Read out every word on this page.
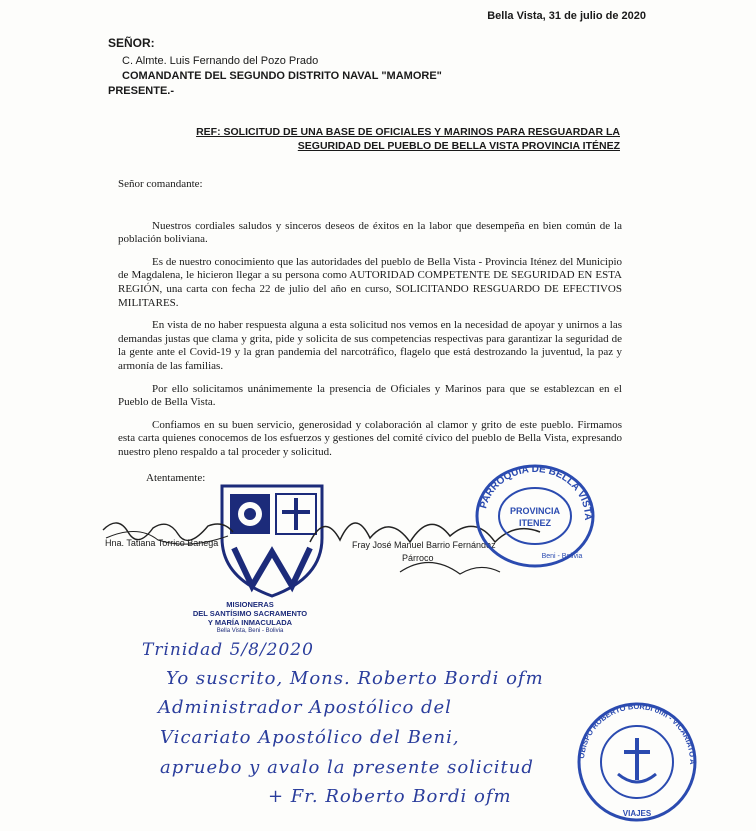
Bella Vista, 31 de julio de 2020
SEÑOR:
C. Almte. Luis Fernando del Pozo Prado
COMANDANTE DEL SEGUNDO DISTRITO NAVAL "MAMORE"
PRESENTE.-
REF: SOLICITUD DE UNA BASE DE OFICIALES Y MARINOS PARA RESGUARDAR LA
SEGURIDAD DEL PUEBLO DE BELLA VISTA PROVINCIA ITÉNEZ

Señor comandante:

Nuestros cordiales saludos y sinceros deseos de éxitos en la labor que desempeña en bien común de la población boliviana.

Es de nuestro conocimiento que las autoridades del pueblo de Bella Vista - Provincia Iténez del Municipio de Magdalena, le hicieron llegar a su persona como AUTORIDAD COMPETENTE DE SEGURIDAD EN ESTA REGIÓN, una carta con fecha 22 de julio del año en curso, SOLICITANDO RESGUARDO DE EFECTIVOS MILITARES.

En vista de no haber respuesta alguna a esta solicitud nos vemos en la necesidad de apoyar y unirnos a las demandas justas que clama y grita, pide y solicita de sus competencias respectivas para garantizar la seguridad de la gente ante el Covid-19 y la gran pandemia del narcotráfico, flagelo que está destrozando la juventud, la paz y armonía de las familias.

Por ello solicitamos unánimemente la presencia de Oficiales y Marinos para que se establezcan en el Pueblo de Bella Vista.

Confiamos en su buen servicio, generosidad y colaboración al clamor y grito de este pueblo. Firmamos esta carta quienes conocemos de los esfuerzos y gestiones del comité cívico del pueblo de Bella Vista, expresando nuestro pleno respaldo a tal proceder y solicitud.

Atentamente:
MISIONERAS
DEL SANTÍSIMO SACRAMENTO
Y MARÍA INMACULADA
Bella Vista, Beni - Bolivia
Hna. Tatiana Torrico Banega	Fray José Manuel Barrio Fernández
Párroco
PARROQUIA DE BELLA VISTA
PROVINCIA
ITENEZ
Beni - Bolivia
OBISPO ROBERTO BORDI ofm - VICARIATO APOSTÓLICO DEL BENI
VIAJES
Trinidad 5/8/2020
Yo suscrito, Mons. Roberto Bordi ofm
Administrador Apostólico del
Vicariato Apostólico del Beni,
apruebo y avalo la presente solicitud
+ Fr. Roberto Bordi ofm
